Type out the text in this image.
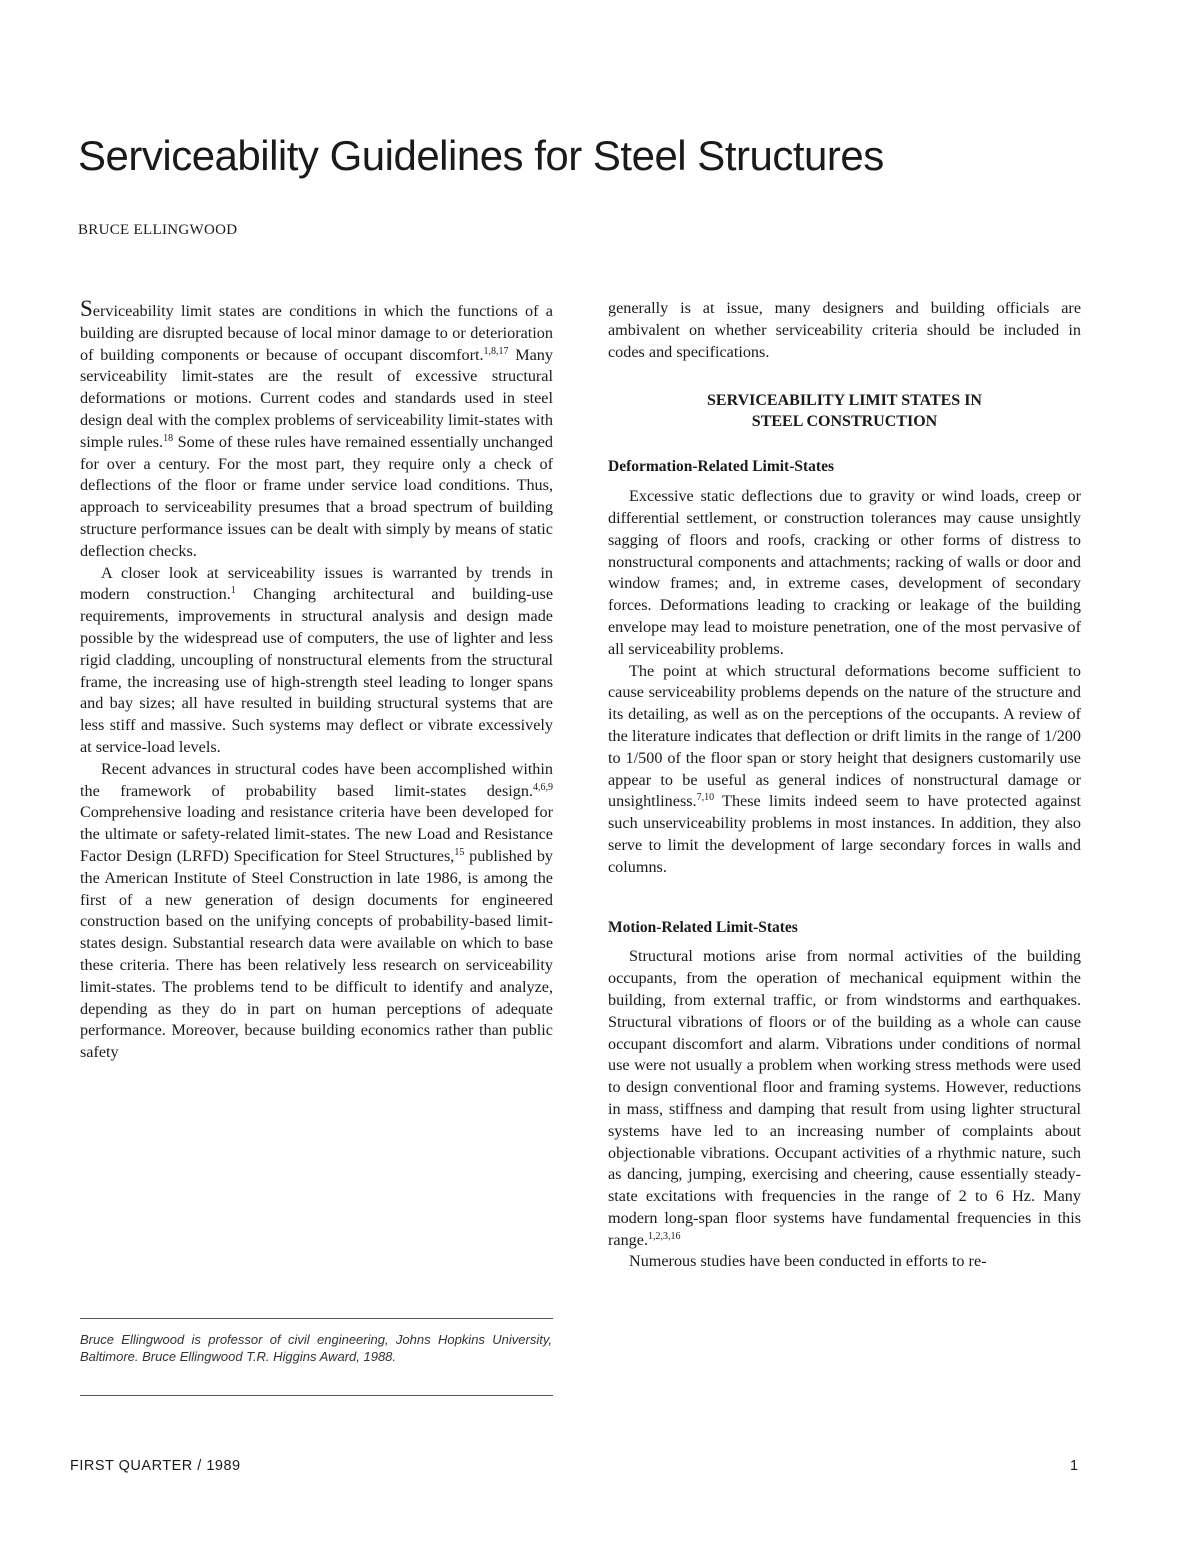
Serviceability Guidelines for Steel Structures
BRUCE ELLINGWOOD

Serviceability limit states are conditions in which the functions of a building are disrupted because of local minor damage to or deterioration of building components or because of occupant discomfort.$^{1,8,17}$ Many serviceability limit-states are the result of excessive structural deformations or motions. Current codes and standards used in steel design deal with the complex problems of serviceability limit-states with simple rules.$^{18}$ Some of these rules have remained essentially unchanged for over a century. For the most part, they require only a check of deflections of the floor or frame under service load conditions. Thus, approach to serviceability presumes that a broad spectrum of building structure performance issues can be dealt with simply by means of static deflection checks.

A closer look at serviceability issues is warranted by trends in modern construction.$^1$ Changing architectural and building-use requirements, improvements in structural analysis and design made possible by the widespread use of computers, the use of lighter and less rigid cladding, uncoupling of nonstructural elements from the structural frame, the increasing use of high-strength steel leading to longer spans and bay sizes; all have resulted in building structural systems that are less stiff and massive. Such systems may deflect or vibrate excessively at service-load levels.

Recent advances in structural codes have been accomplished within the framework of probability based limit-states design.$^{4,6,9}$ Comprehensive loading and resistance criteria have been developed for the ultimate or safety-related limit-states. The new Load and Resistance Factor Design (LRFD) Specification for Steel Structures,$^{15}$ published by the American Institute of Steel Construction in late 1986, is among the first of a new generation of design documents for engineered construction based on the unifying concepts of probability-based limit-states design. Substantial research data were available on which to base these criteria. There has been relatively less research on serviceability limit-states. The problems tend to be difficult to identify and analyze, depending as they do in part on human perceptions of adequate performance. Moreover, because building economics rather than public safety

Bruce Ellingwood is professor of civil engineering, Johns Hopkins University, Baltimore. Bruce Ellingwood T.R. Higgins Award, 1988.

generally is at issue, many designers and building officials are ambivalent on whether serviceability criteria should be included in codes and specifications.

SERVICEABILITY LIMIT STATES IN
STEEL CONSTRUCTION
Deformation-Related Limit-States

Excessive static deflections due to gravity or wind loads, creep or differential settlement, or construction tolerances may cause unsightly sagging of floors and roofs, cracking or other forms of distress to nonstructural components and attachments; racking of walls or door and window frames; and, in extreme cases, development of secondary forces. Deformations leading to cracking or leakage of the building envelope may lead to moisture penetration, one of the most pervasive of all serviceability problems.

The point at which structural deformations become sufficient to cause serviceability problems depends on the nature of the structure and its detailing, as well as on the perceptions of the occupants. A review of the literature indicates that deflection or drift limits in the range of 1/200 to 1/500 of the floor span or story height that designers customarily use appear to be useful as general indices of nonstructural damage or unsightliness.$^{7,10}$ These limits indeed seem to have protected against such unserviceability problems in most instances. In addition, they also serve to limit the development of large secondary forces in walls and columns.

Motion-Related Limit-States

Structural motions arise from normal activities of the building occupants, from the operation of mechanical equipment within the building, from external traffic, or from windstorms and earthquakes. Structural vibrations of floors or of the building as a whole can cause occupant discomfort and alarm. Vibrations under conditions of normal use were not usually a problem when working stress methods were used to design conventional floor and framing systems. However, reductions in mass, stiffness and damping that result from using lighter structural systems have led to an increasing number of complaints about objectionable vibrations. Occupant activities of a rhythmic nature, such as dancing, jumping, exercising and cheering, cause essentially steady-state excitations with frequencies in the range of 2 to 6 Hz. Many modern long-span floor systems have fundamental frequencies in this range.$^{1,2,3,16}$

Numerous studies have been conducted in efforts to re-

FIRST QUARTER / 1989	1
